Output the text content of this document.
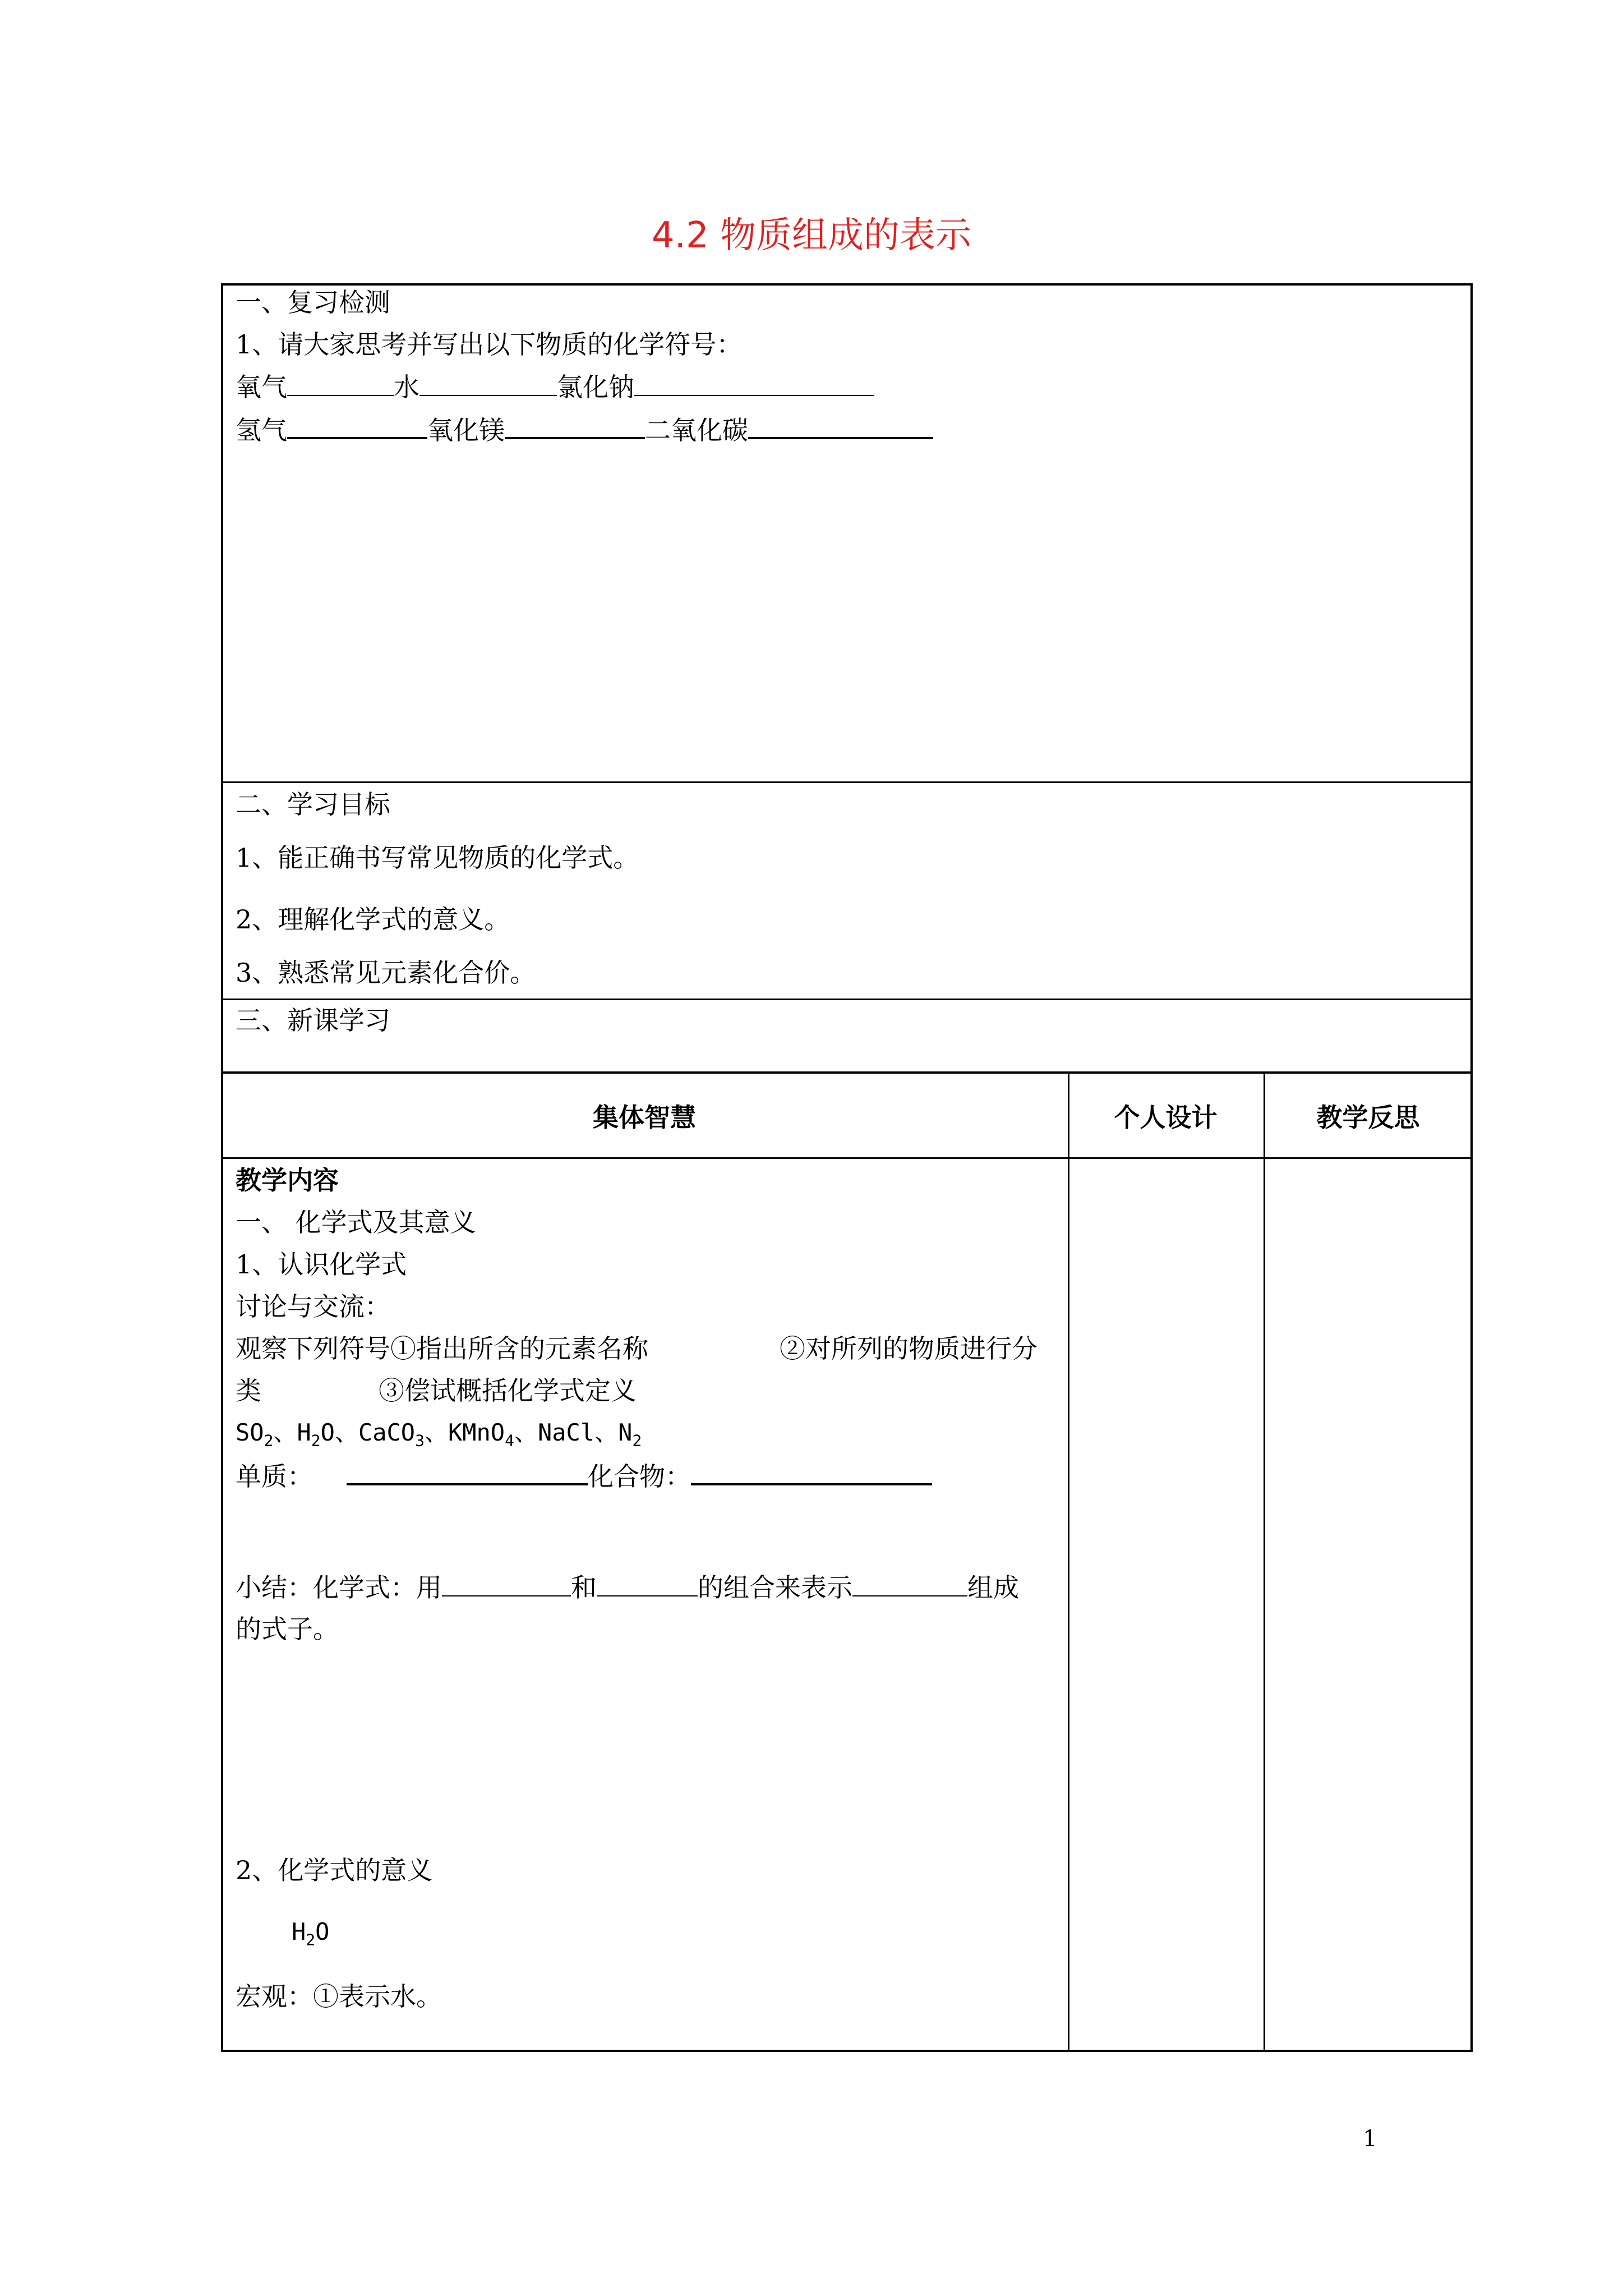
4.2 物质组成的表示
一、复习检测
1、请大家思考并写出以下物质的化学符号：
氧气	水	氯化钠
氢气	氧化镁	二氧化碳
二、学习目标
1、能正确书写常见物质的化学式。
2、理解化学式的意义。
3、熟悉常见元素化合价。
三、新课学习
集体智慧	个人设计	教学反思
教学内容
一、 化学式及其意义
1、认识化学式
讨论与交流：
观察下列符号①指出所含的元素名称	②对所列的物质进行分
类	③偿试概括化学式定义
$SO_2$、$H_2O$、CaCO$_3$、KMnO$_4$、NaCl、$N_2$
单质：	化合物：
小结：化学式：用	和	的组合来表示	组成
的式子。
2、化学式的意义
$H_2O$
宏观：①表示水。
1
